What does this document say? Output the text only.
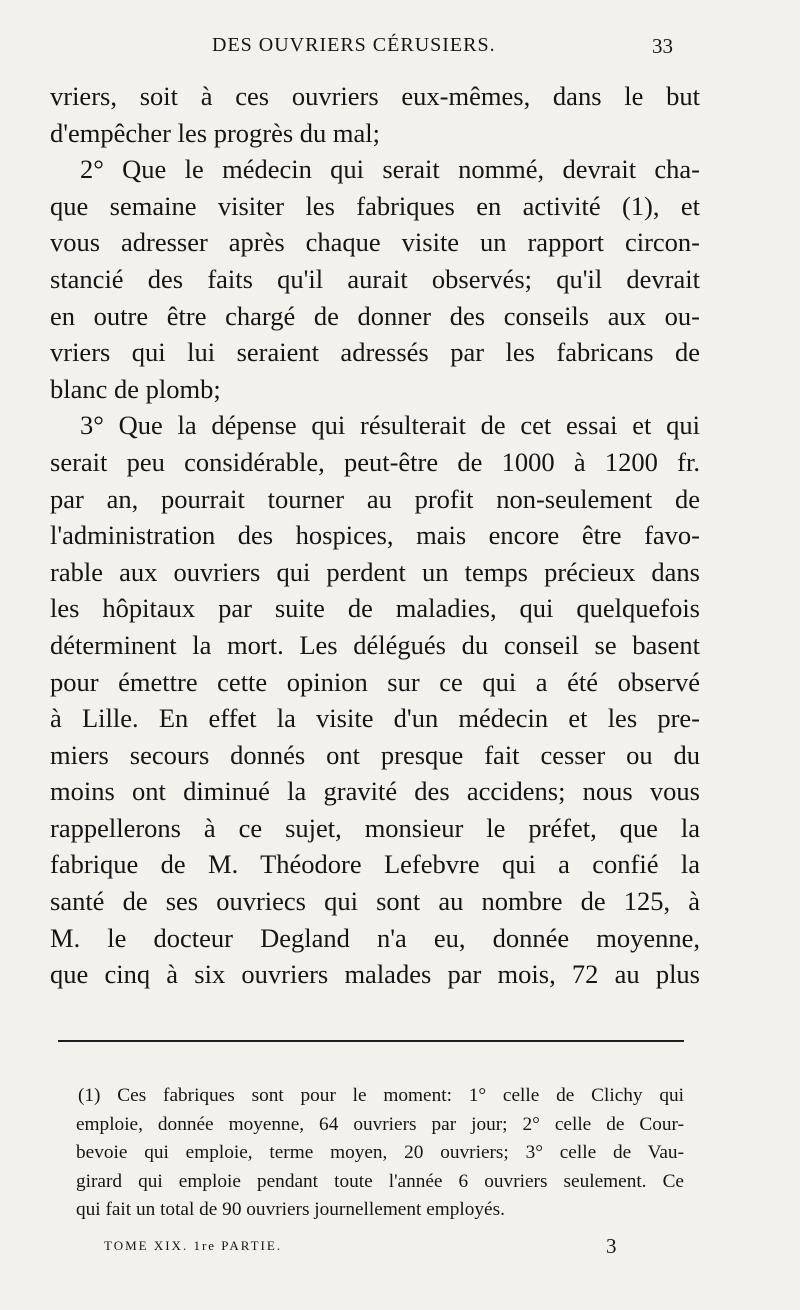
DES OUVRIERS CÉRUSIERS.	33
vriers, soit à ces ouvriers eux-mêmes, dans le but
d'empêcher les progrès du mal;
2° Que le médecin qui serait nommé, devrait cha-
que semaine visiter les fabriques en activité (1), et
vous adresser après chaque visite un rapport circon-
stancié des faits qu'il aurait observés; qu'il devrait
en outre être chargé de donner des conseils aux ou-
vriers qui lui seraient adressés par les fabricans de
blanc de plomb;
3° Que la dépense qui résulterait de cet essai et qui
serait peu considérable, peut-être de 1000 à 1200 fr.
par an, pourrait tourner au profit non-seulement de
l'administration des hospices, mais encore être favo-
rable aux ouvriers qui perdent un temps précieux dans
les hôpitaux par suite de maladies, qui quelquefois
déterminent la mort. Les délégués du conseil se basent
pour émettre cette opinion sur ce qui a été observé
à Lille. En effet la visite d'un médecin et les pre-
miers secours donnés ont presque fait cesser ou du
moins ont diminué la gravité des accidens; nous vous
rappellerons à ce sujet, monsieur le préfet, que la
fabrique de M. Théodore Lefebvre qui a confié la
santé de ses ouvriecs qui sont au nombre de 125, à
M. le docteur Degland n'a eu, donnée moyenne,
que cinq à six ouvriers malades par mois, 72 au plus
(1) Ces fabriques sont pour le moment: 1° celle de Clichy qui
emploie, donnée moyenne, 64 ouvriers par jour; 2° celle de Cour-
bevoie qui emploie, terme moyen, 20 ouvriers; 3° celle de Vau-
girard qui emploie pendant toute l'année 6 ouvriers seulement. Ce
qui fait un total de 90 ouvriers journellement employés.
TOME XIX. 1re PARTIE.	3
